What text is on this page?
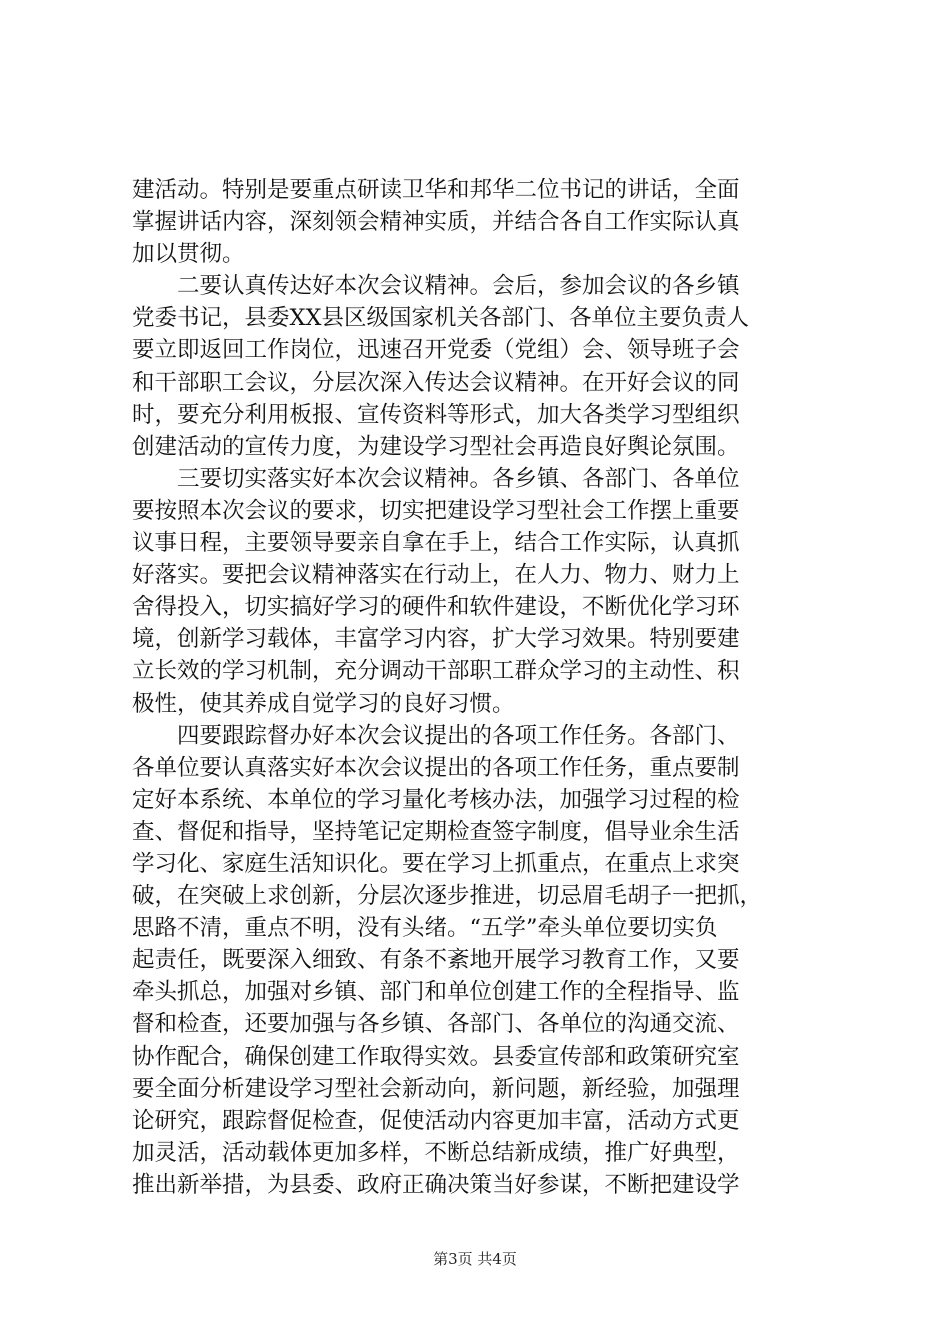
建活动。特别是要重点研读卫华和邦华二位书记的讲话，全面
掌握讲话内容，深刻领会精神实质，并结合各自工作实际认真
加以贯彻。
　　二要认真传达好本次会议精神。会后，参加会议的各乡镇
党委书记，县委XX县区级国家机关各部门、各单位主要负责人
要立即返回工作岗位，迅速召开党委（党组）会、领导班子会
和干部职工会议，分层次深入传达会议精神。在开好会议的同
时，要充分利用板报、宣传资料等形式，加大各类学习型组织
创建活动的宣传力度，为建设学习型社会再造良好舆论氛围。
　　三要切实落实好本次会议精神。各乡镇、各部门、各单位
要按照本次会议的要求，切实把建设学习型社会工作摆上重要
议事日程，主要领导要亲自拿在手上，结合工作实际，认真抓
好落实。要把会议精神落实在行动上，在人力、物力、财力上
舍得投入，切实搞好学习的硬件和软件建设，不断优化学习环
境，创新学习载体，丰富学习内容，扩大学习效果。特别要建
立长效的学习机制，充分调动干部职工群众学习的主动性、积
极性，使其养成自觉学习的良好习惯。
　　四要跟踪督办好本次会议提出的各项工作任务。各部门、
各单位要认真落实好本次会议提出的各项工作任务，重点要制
定好本系统、本单位的学习量化考核办法，加强学习过程的检
查、督促和指导，坚持笔记定期检查签字制度，倡导业余生活
学习化、家庭生活知识化。要在学习上抓重点，在重点上求突
破，在突破上求创新，分层次逐步推进，切忌眉毛胡子一把抓，
思路不清，重点不明，没有头绪。“五学”牵头单位要切实负
起责任，既要深入细致、有条不紊地开展学习教育工作，又要
牵头抓总，加强对乡镇、部门和单位创建工作的全程指导、监
督和检查，还要加强与各乡镇、各部门、各单位的沟通交流、
协作配合，确保创建工作取得实效。县委宣传部和政策研究室
要全面分析建设学习型社会新动向，新问题，新经验，加强理
论研究，跟踪督促检查，促使活动内容更加丰富，活动方式更
加灵活，活动载体更加多样，不断总结新成绩，推广好典型，
推出新举措，为县委、政府正确决策当好参谋，不断把建设学
第3页 共4页
